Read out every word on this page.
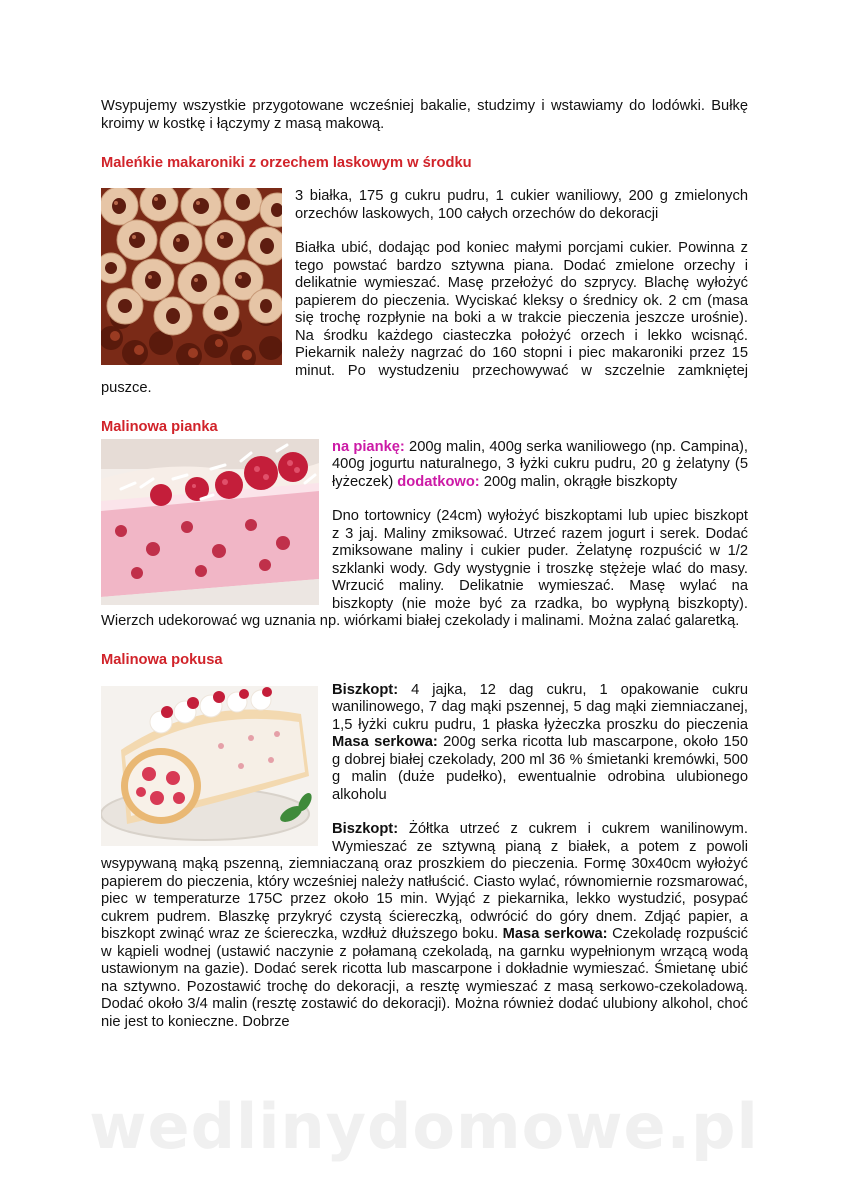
Wsypujemy wszystkie przygotowane wcześniej bakalie, studzimy i wstawiamy do lodówki. Bułkę kroimy w kostkę i łączymy z masą makową.

Maleńkie makaroniki z orzechem laskowym w środku

3 białka, 175 g cukru pudru, 1 cukier waniliowy, 200 g zmielonych orzechów laskowych, 100 całych orzechów do dekoracji

Białka ubić, dodając pod koniec małymi porcjami cukier. Powinna z tego powstać bardzo sztywna piana. Dodać zmielone orzechy i delikatnie wymieszać. Masę przełożyć do szprycy. Blachę wyłożyć papierem do pieczenia. Wyciskać kleksy o średnicy ok. 2 cm (masa się trochę rozpłynie na boki a w trakcie pieczenia jeszcze urośnie). Na środku każdego ciasteczka położyć orzech i lekko wcisnąć. Piekarnik należy nagrzać do 160 stopni i piec makaroniki przez 15 minut. Po wystudzeniu przechowywać w szczelnie zamkniętej puszce.

Malinowa pianka

na piankę: 200g malin, 400g serka waniliowego (np. Campina), 400g jogurtu naturalnego, 3 łyżki cukru pudru, 20 g żelatyny (5 łyżeczek) dodatkowo: 200g malin, okrągłe biszkopty

Dno tortownicy (24cm) wyłożyć biszkoptami lub upiec biszkopt z 3 jaj. Maliny zmiksować. Utrzeć razem jogurt i serek. Dodać zmiksowane maliny i cukier puder. Żelatynę rozpuścić w 1/2 szklanki wody. Gdy wystygnie i troszkę stężeje wlać do masy. Wrzucić maliny. Delikatnie wymieszać. Masę wylać na biszkopty (nie może być za rzadka, bo wypłyną biszkopty). Wierzch udekorować wg uznania np. wiórkami białej czekolady i malinami. Można zalać galaretką.

Malinowa pokusa

Biszkopt: 4 jajka, 12 dag cukru, 1 opakowanie cukru wanilinowego, 7 dag mąki pszennej, 5 dag mąki ziemniaczanej, 1,5 łyżki cukru pudru, 1 płaska łyżeczka proszku do pieczenia Masa serkowa: 200g serka ricotta lub mascarpone, około 150 g dobrej białej czekolady, 200 ml 36 % śmietanki kremówki, 500 g malin (duże pudełko), ewentualnie odrobina ulubionego alkoholu

Biszkopt: Żółtka utrzeć z cukrem i cukrem wanilinowym. Wymieszać ze sztywną pianą z białek, a potem z powoli wsypywaną mąką pszenną, ziemniaczaną oraz proszkiem do pieczenia. Formę 30x40cm wyłożyć papierem do pieczenia, który wcześniej należy natłuścić. Ciasto wylać, równomiernie rozsmarować, piec w temperaturze 175C przez około 15 min. Wyjąć z piekarnika, lekko wystudzić, posypać cukrem pudrem. Blaszkę przykryć czystą ściereczką, odwrócić do góry dnem. Zdjąć papier, a biszkopt zwinąć wraz ze ściereczka, wzdłuż dłuższego boku. Masa serkowa: Czekoladę rozpuścić w kąpieli wodnej (ustawić naczynie z połamaną czekoladą, na garnku wypełnionym wrzącą wodą ustawionym na gazie). Dodać serek ricotta lub mascarpone i dokładnie wymieszać. Śmietanę ubić na sztywno. Pozostawić trochę do dekoracji, a resztę wymieszać z masą serkowo-czekoladową. Dodać około 3/4 malin (resztę zostawić do dekoracji). Można również dodać ulubiony alkohol, choć nie jest to konieczne. Dobrze

wedlinydomowe.pl
